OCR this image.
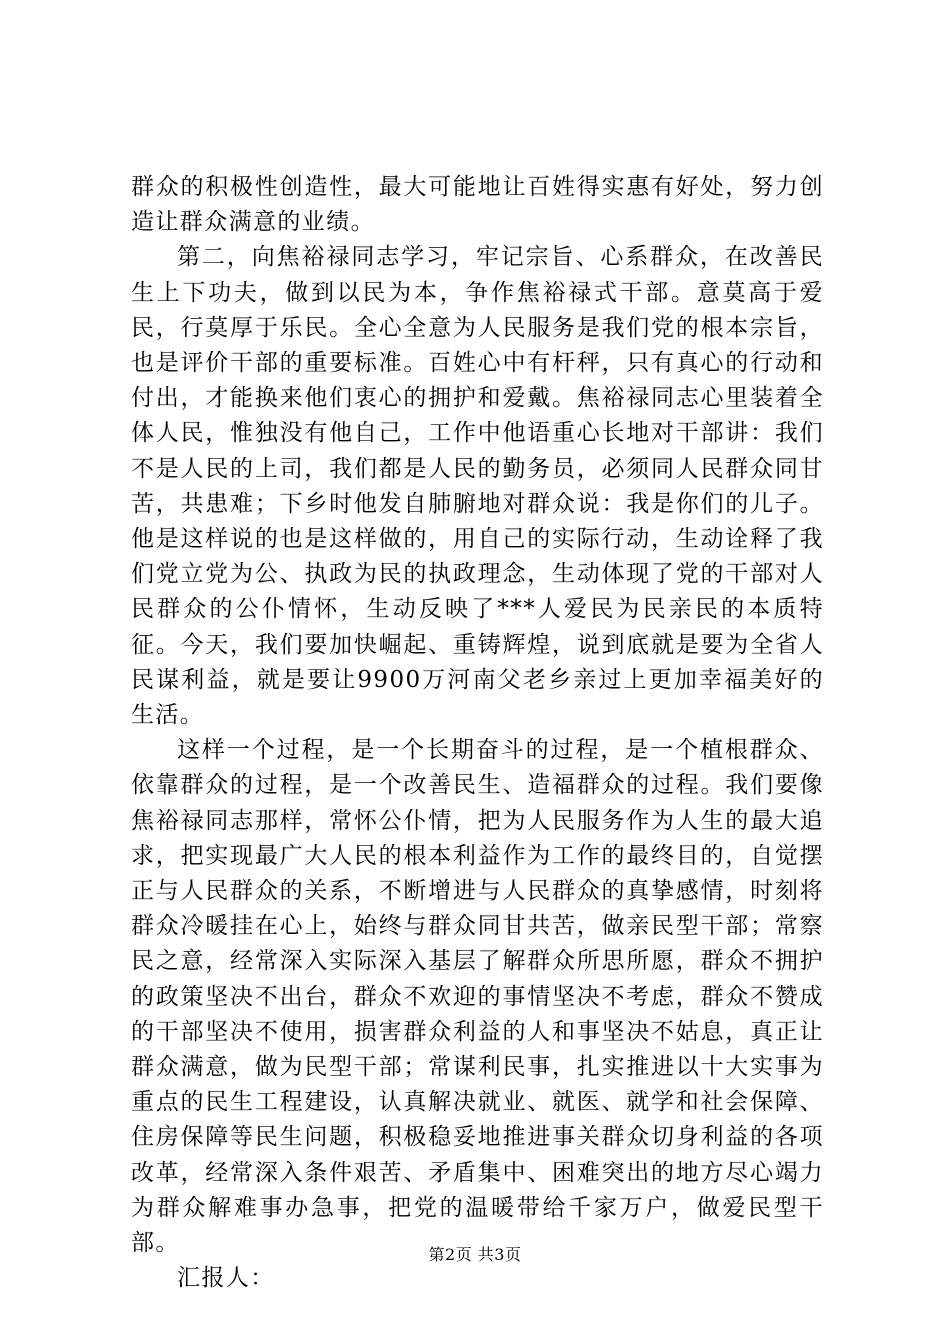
群众的积极性创造性，最大可能地让百姓得实惠有好处，努力创造让群众满意的业绩。

第二，向焦裕禄同志学习，牢记宗旨、心系群众，在改善民生上下功夫，做到以民为本，争作焦裕禄式干部。意莫高于爱民，行莫厚于乐民。全心全意为人民服务是我们党的根本宗旨，也是评价干部的重要标准。百姓心中有杆秤，只有真心的行动和付出，才能换来他们衷心的拥护和爱戴。焦裕禄同志心里装着全体人民，惟独没有他自己，工作中他语重心长地对干部讲：我们不是人民的上司，我们都是人民的勤务员，必须同人民群众同甘苦，共患难；下乡时他发自肺腑地对群众说：我是你们的儿子。他是这样说的也是这样做的，用自己的实际行动，生动诠释了我们党立党为公、执政为民的执政理念，生动体现了党的干部对人民群众的公仆情怀，生动反映了***人爱民为民亲民的本质特征。今天，我们要加快崛起、重铸辉煌，说到底就是要为全省人民谋利益，就是要让9900万河南父老乡亲过上更加幸福美好的生活。

这样一个过程，是一个长期奋斗的过程，是一个植根群众、依靠群众的过程，是一个改善民生、造福群众的过程。我们要像焦裕禄同志那样，常怀公仆情，把为人民服务作为人生的最大追求，把实现最广大人民的根本利益作为工作的最终目的，自觉摆正与人民群众的关系，不断增进与人民群众的真挚感情，时刻将群众冷暖挂在心上，始终与群众同甘共苦，做亲民型干部；常察民之意，经常深入实际深入基层了解群众所思所愿，群众不拥护的政策坚决不出台，群众不欢迎的事情坚决不考虑，群众不赞成的干部坚决不使用，损害群众利益的人和事坚决不姑息，真正让群众满意，做为民型干部；常谋利民事，扎实推进以十大实事为重点的民生工程建设，认真解决就业、就医、就学和社会保障、住房保障等民生问题，积极稳妥地推进事关群众切身利益的各项改革，经常深入条件艰苦、矛盾集中、困难突出的地方尽心竭力为群众解难事办急事，把党的温暖带给千家万户，做爱民型干部。

汇报人：

第2页 共3页
